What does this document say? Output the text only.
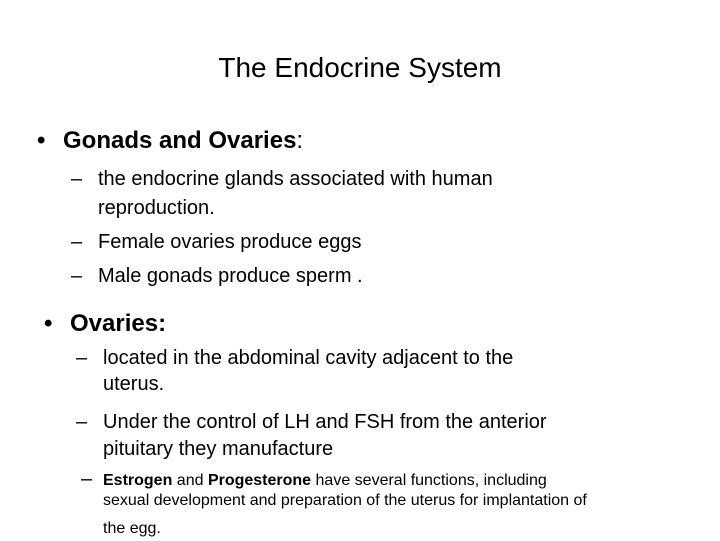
The Endocrine System
• Gonads and Ovaries:
– the endocrine glands associated with human
reproduction.
– Female ovaries produce eggs
– Male gonads produce sperm .
• Ovaries:
– located in the abdominal cavity adjacent to the
uterus.
– Under the control of LH and FSH from the anterior
pituitary they manufacture
– Estrogen and Progesterone have several functions, including
sexual development and preparation of the uterus for implantation of
the egg.
